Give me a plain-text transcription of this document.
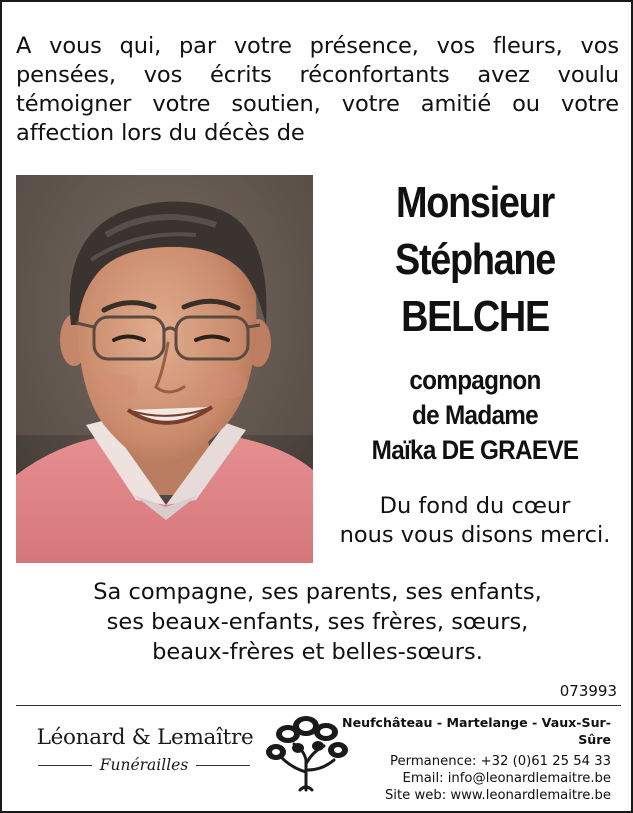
A vous qui, par votre présence, vos fleurs, vos pensées, vos écrits réconfortants avez voulu témoigner votre soutien, votre amitié ou votre affection lors du décès de

Monsieur
Stéphane
BELCHE
compagnon
de Madame
Maïka DE GRAEVE
Du fond du cœur
nous vous disons merci.
Sa compagne, ses parents, ses enfants,
ses beaux-enfants, ses frères, sœurs,
beaux-frères et belles-sœurs.
073993
Léonard & Lemaître
Funérailles
Neufchâteau - Martelange - Vaux-Sur-Sûre
Permanence: +32 (0)61 25 54 33
Email: info@leonardlemaitre.be
Site web: www.leonardlemaitre.be
